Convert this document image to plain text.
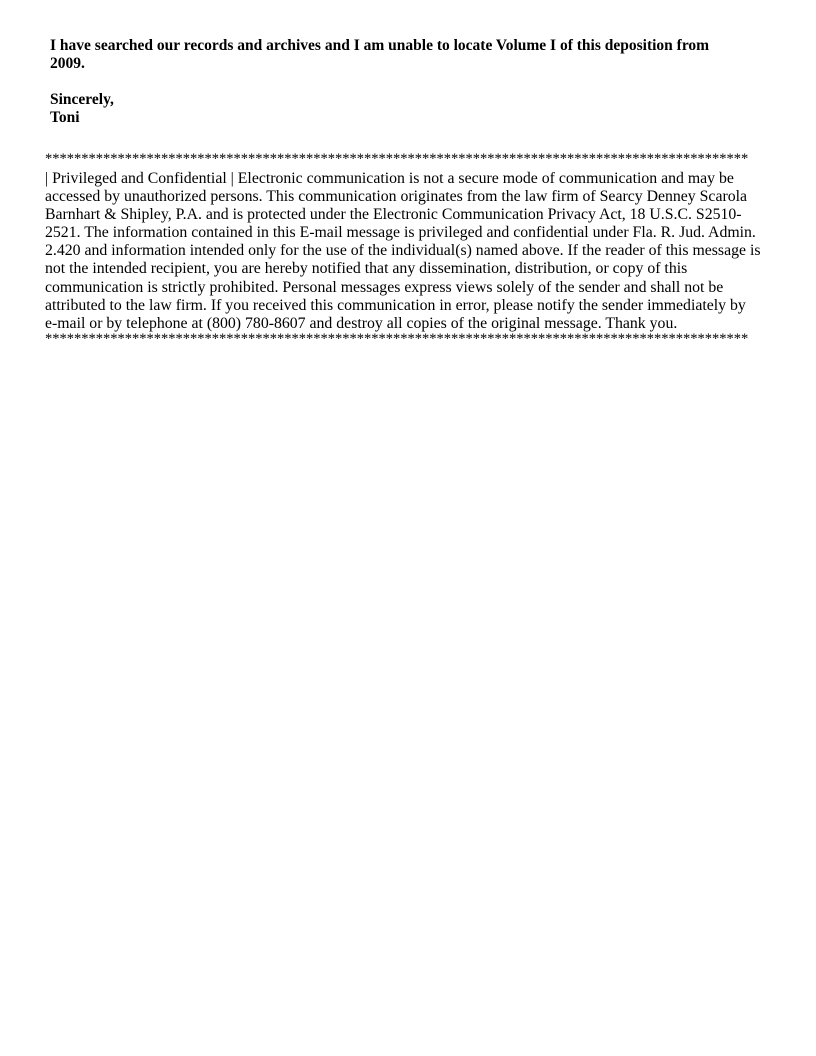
I have searched our records and archives and I am unable to locate Volume I of this deposition from
2009.
Sincerely,
Toni
*************************************************************************************************
| Privileged and Confidential | Electronic communication is not a secure mode of communication and may be
accessed by unauthorized persons. This communication originates from the law firm of Searcy Denney Scarola
Barnhart & Shipley, P.A. and is protected under the Electronic Communication Privacy Act, 18 U.S.C. S2510-
2521. The information contained in this E-mail message is privileged and confidential under Fla. R. Jud. Admin.
2.420 and information intended only for the use of the individual(s) named above. If the reader of this message is
not the intended recipient, you are hereby notified that any dissemination, distribution, or copy of this
communication is strictly prohibited. Personal messages express views solely of the sender and shall not be
attributed to the law firm. If you received this communication in error, please notify the sender immediately by
e-mail or by telephone at (800) 780-8607 and destroy all copies of the original message. Thank you.
*************************************************************************************************
